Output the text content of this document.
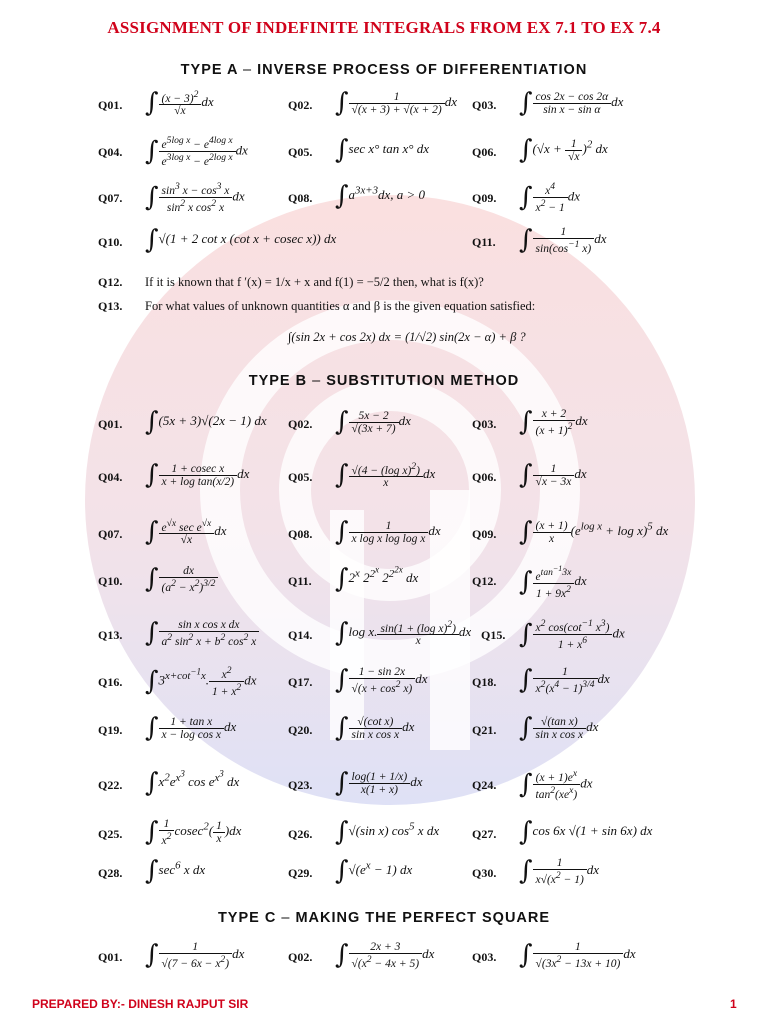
ASSIGNMENT OF INDEFINITE INTEGRALS FROM EX 7.1 TO EX 7.4
TYPE A – INVERSE PROCESS OF DIFFERENTIATION
TYPE B – SUBSTITUTION METHOD
TYPE C – MAKING THE PERFECT SQUARE
Q01. ∫ $\frac{(x - 3)^2}{√x}$ dx	Q02. ∫ $\frac{1}{√(x + 3) + √(x + 2)}$ dx Q03. ∫ $\frac{\cos 2x - \cos 2\alpha}{\text{sin x − sin α}}$ dx
Q04. ∫ $\frac{e^{5log x} - e^{4log x}}{e^{3log x} - e^{2log x}}$ dx	Q05. ∫sec x° tan x° dx	Q06. $\int(√x + \frac{1}{√x} )^2$ dx
Q07. ∫ $\frac{\sin^3 x - \cos^3 x}{\sin^2 x \cos^2 x}$ dx	Q08. $\int a^{3x+3}dx$, a > 0	Q09. ∫ $\frac{x^4}{x^2 - 1}$ dx
Q10. ∫√(1 + 2 cot x (cot x + cosec x)) dx	Q11. ∫ $\frac{1}{\sin(\cos^{-1} x)}$ dx
Q12. If it is known that f ′(x) = 1/x + x and f(1) = −5/2 then, what is f(x)?
Q13. For what values of unknown quantities α and β is the given equation satisfied:
∫(sin 2x + cos 2x) dx = (1/√2) sin(2x − α) + β ?
Q01. ∫(5x + 3)√(2x − 1) dx Q02. ∫ $\frac{5x - 2}{√(3x + 7)}$ dx	Q03. ∫ $\frac{x + 2}{(x + 1)^2}$ dx
Q04. ∫ $\frac{\text{1 + cosec x}}{\text{x + log tan(x/2)}}$ dx	Q05. ∫ $\frac{√(4 - (\log x)^2)}{x}$ dx	Q06. ∫ $\frac{1}{√x - 3x}$ dx
Q07. ∫ $\frac{e^{√x} \sec e^{√x}}{√x}$ dx	Q08. ∫ $\frac{1}{\text{x log x log log x}}$ dx	Q09. ∫ $\frac{(x + 1)}{x} (e^{log x} + \log x)^5$ dx
Q10. ∫ $\frac{dx}{(a^2 - x^2)^{3/2}}$	Q11. ∫2$^x$ $2^{2^x}$ $2^{2^{2x}}$ dx	Q12. ∫ $\frac{e^{tan^{-1}3x}}{1 + 9x^2}$ dx
Q13. ∫ $\frac{\text{sin x cos x dx}}{a^2 \sin^2 x + b^2 \cos^2 x} Q14$. ∫log x. $\frac{\sin(1 + (\log x)^2)}{x}$ dx Q15. ∫ $\frac{x^2 \cos(\cot^{-1} x^3)}{1 + x^6}$ dx
Q16. $\int 3^{x+cot^{-1}x}$. $\frac{x^2}{1 + x^2}$ dx	Q17. ∫ $\frac{1 - \sin 2x}{√(x + \cos^2 x)}$ dx	Q18. ∫ $\frac{1}{x^2(x^4 - 1)^{3/4}}$ dx
Q19. ∫ $\frac{\text{1 + tan x}}{\text{x − log cos x}}$ dx	Q20. ∫ $\frac{\text{√(cot x)}}{\text{sin x cos x}}$ dx	Q21. ∫ $\frac{\text{√(tan x)}}{\text{sin x cos x}}$ dx
Q22. $\int x^2e^{x^3}$ $\cos e^{x^3}$ dx	Q23. ∫ $\frac{\log(1 + 1/x)}{x(1 + x)}$ dx	Q24. ∫ $\frac{(x + 1)e^x}{\tan^2(xe^x)}$ dx
Q25. ∫ $\frac{1}{x^2} cosec^2( \frac{1}{x} )dx$	Q26. ∫√(sin x) $\cos^5 x$ dx	Q27. ∫cos 6x √(1 + sin 6x) dx
Q28. $\int\sec^6$ x dx	Q29. $\int√(e^x - 1)$ dx	Q30. ∫ $\frac{1}{x√(x^2 - 1)}$ dx
Q01. ∫ $\frac{1}{√(7 - 6x - x^2)}$ dx	Q02. ∫ $\frac{2x + 3}{√(x^2 - 4x + 5)}$ dx	Q03. ∫ $\frac{1}{√(3x^2 - 13x + 10)}$ dx
PREPARED BY:- DINESH RAJPUT SIR	1
